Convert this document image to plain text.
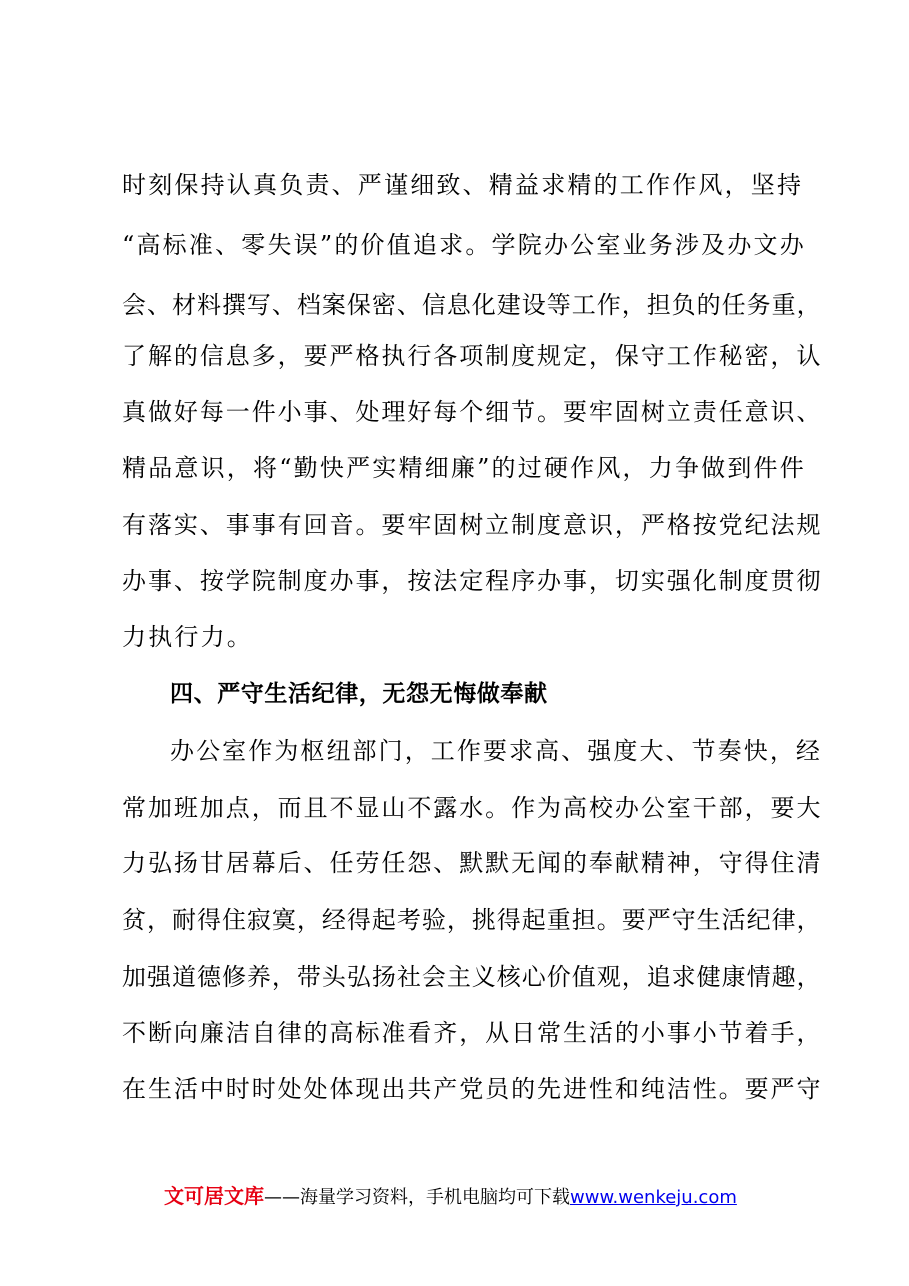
时刻保持认真负责、严谨细致、精益求精的工作作风，坚持
“高标准、零失误”的价值追求。学院办公室业务涉及办文办
会、材料撰写、档案保密、信息化建设等工作，担负的任务重，
了解的信息多，要严格执行各项制度规定，保守工作秘密，认
真做好每一件小事、处理好每个细节。要牢固树立责任意识、
精品意识，将“勤快严实精细廉”的过硬作风，力争做到件件
有落实、事事有回音。要牢固树立制度意识，严格按党纪法规
办事、按学院制度办事，按法定程序办事，切实强化制度贯彻
力执行力。
四、严守生活纪律，无怨无悔做奉献
办公室作为枢纽部门，工作要求高、强度大、节奏快，经
常加班加点，而且不显山不露水。作为高校办公室干部，要大
力弘扬甘居幕后、任劳任怨、默默无闻的奉献精神，守得住清
贫，耐得住寂寞，经得起考验，挑得起重担。要严守生活纪律，
加强道德修养，带头弘扬社会主义核心价值观，追求健康情趣，
不断向廉洁自律的高标准看齐，从日常生活的小事小节着手，
在生活中时时处处体现出共产党员的先进性和纯洁性。要严守
文可居文库——海量学习资料，手机电脑均可下载www.wenkeju.com
